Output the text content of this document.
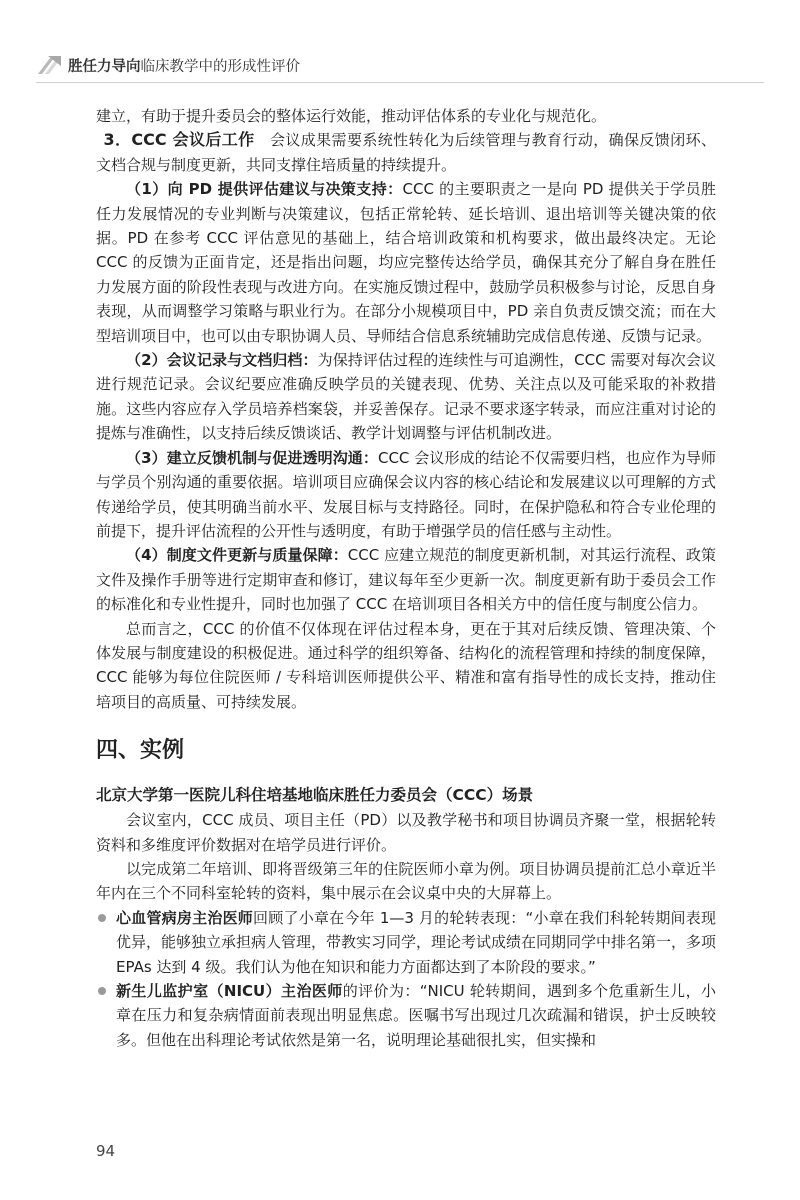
胜任力导向 临床教学中的形成性评价

建立，有助于提升委员会的整体运行效能，推动评估体系的专业化与规范化。

3．CCC 会议后工作  会议成果需要系统性转化为后续管理与教育行动，确保反馈闭环、文档合规与制度更新，共同支撑住培质量的持续提升。

（1）向 PD 提供评估建议与决策支持：CCC 的主要职责之一是向 PD 提供关于学员胜任力发展情况的专业判断与决策建议，包括正常轮转、延长培训、退出培训等关键决策的依据。PD 在参考 CCC 评估意见的基础上，结合培训政策和机构要求，做出最终决定。无论 CCC 的反馈为正面肯定，还是指出问题，均应完整传达给学员，确保其充分了解自身在胜任力发展方面的阶段性表现与改进方向。在实施反馈过程中，鼓励学员积极参与讨论，反思自身表现，从而调整学习策略与职业行为。在部分小规模项目中，PD 亲自负责反馈交流；而在大型培训项目中，也可以由专职协调人员、导师结合信息系统辅助完成信息传递、反馈与记录。

（2）会议记录与文档归档：为保持评估过程的连续性与可追溯性，CCC 需要对每次会议进行规范记录。会议纪要应准确反映学员的关键表现、优势、关注点以及可能采取的补救措施。这些内容应存入学员培养档案袋，并妥善保存。记录不要求逐字转录，而应注重对讨论的提炼与准确性，以支持后续反馈谈话、教学计划调整与评估机制改进。

（3）建立反馈机制与促进透明沟通：CCC 会议形成的结论不仅需要归档，也应作为导师与学员个别沟通的重要依据。培训项目应确保会议内容的核心结论和发展建议以可理解的方式传递给学员，使其明确当前水平、发展目标与支持路径。同时，在保护隐私和符合专业伦理的前提下，提升评估流程的公开性与透明度，有助于增强学员的信任感与主动性。

（4）制度文件更新与质量保障：CCC 应建立规范的制度更新机制，对其运行流程、政策文件及操作手册等进行定期审查和修订，建议每年至少更新一次。制度更新有助于委员会工作的标准化和专业性提升，同时也加强了 CCC 在培训项目各相关方中的信任度与制度公信力。

总而言之，CCC 的价值不仅体现在评估过程本身，更在于其对后续反馈、管理决策、个体发展与制度建设的积极促进。通过科学的组织筹备、结构化的流程管理和持续的制度保障，CCC 能够为每位住院医师 / 专科培训医师提供公平、精准和富有指导性的成长支持，推动住培项目的高质量、可持续发展。

四、实例

北京大学第一医院儿科住培基地临床胜任力委员会（CCC）场景

会议室内，CCC 成员、项目主任（PD）以及教学秘书和项目协调员齐聚一堂，根据轮转资料和多维度评价数据对在培学员进行评价。

以完成第二年培训、即将晋级第三年的住院医师小章为例。项目协调员提前汇总小章近半年内在三个不同科室轮转的资料，集中展示在会议桌中央的大屏幕上。

心血管病房主治医师回顾了小章在今年 1—3 月的轮转表现：“小章在我们科轮转期间表现优异，能够独立承担病人管理，带教实习同学，理论考试成绩在同期同学中排名第一，多项 EPAs 达到 4 级。我们认为他在知识和能力方面都达到了本阶段的要求。”
新生儿监护室（NICU）主治医师的评价为：“NICU 轮转期间，遇到多个危重新生儿，小章在压力和复杂病情面前表现出明显焦虑。医嘱书写出现过几次疏漏和错误，护士反映较多。但他在出科理论考试依然是第一名，说明理论基础很扎实，但实操和
94
